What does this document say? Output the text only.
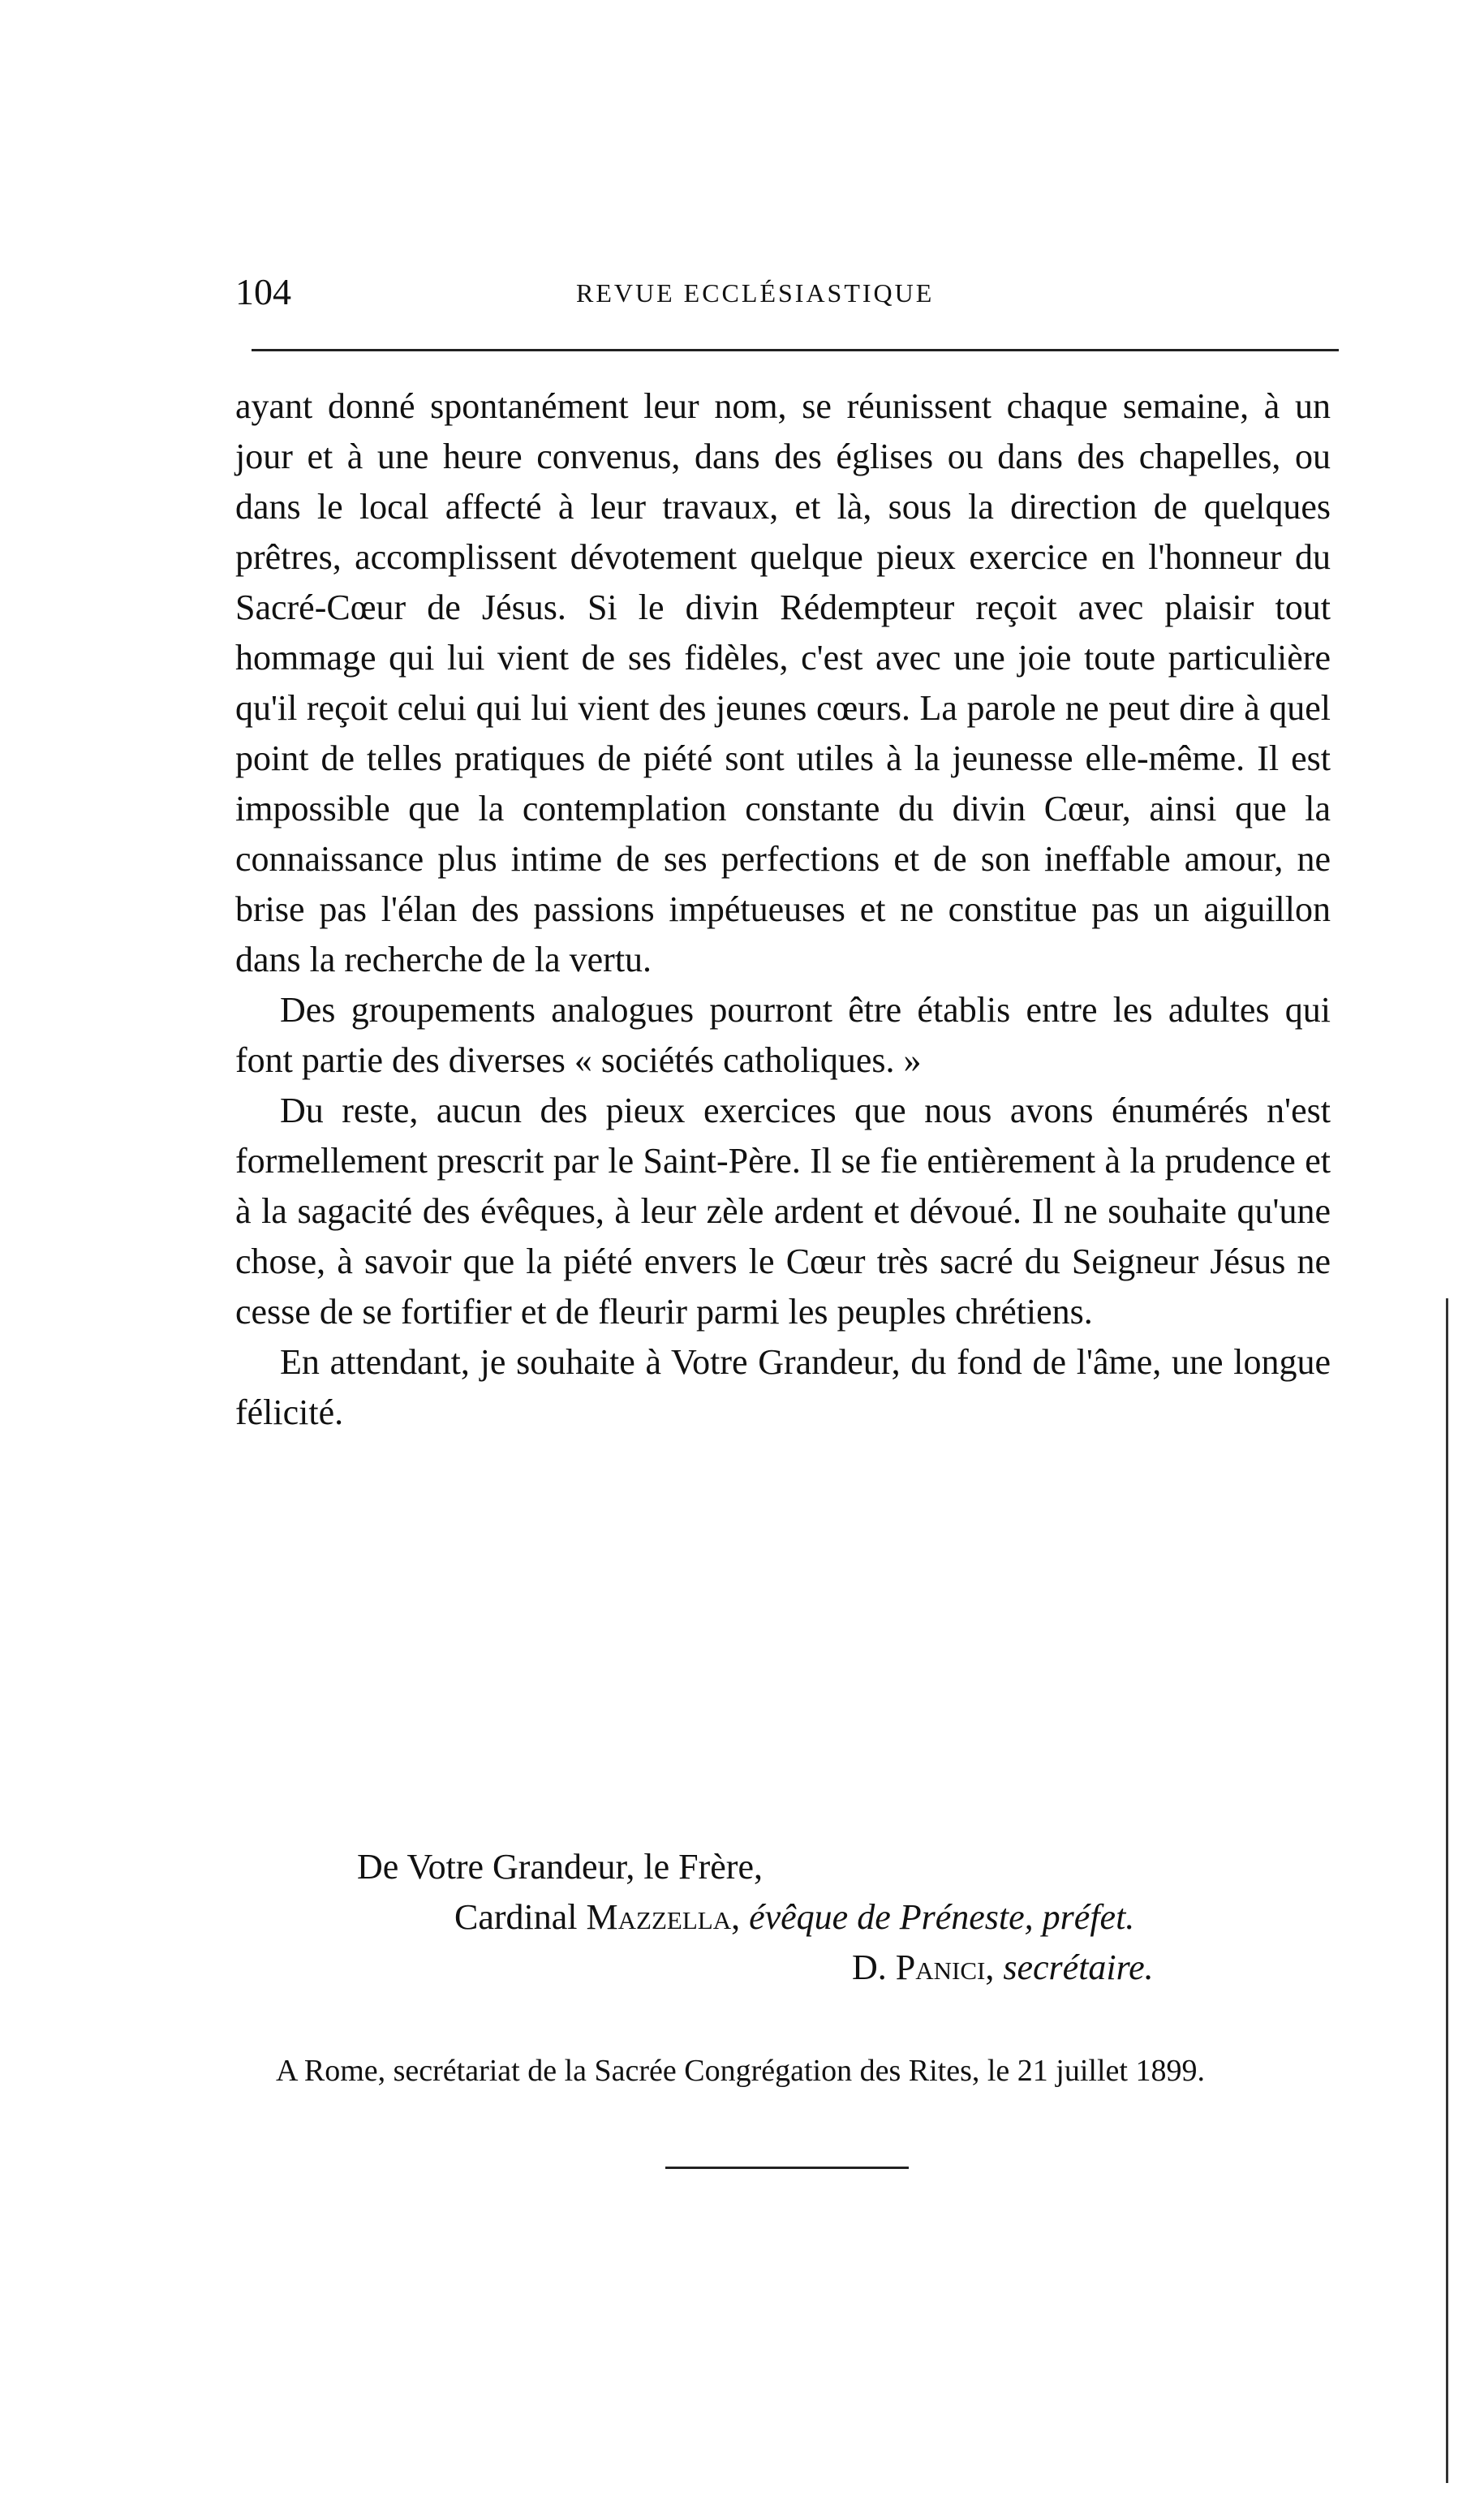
104	REVUE ECCLÉSIASTIQUE

ayant donné spontanément leur nom, se réunissent chaque semaine, à un jour et à une heure convenus, dans des églises ou dans des chapelles, ou dans le local affecté à leur travaux, et là, sous la direction de quelques prêtres, accomplissent dévotement quelque pieux exercice en l'honneur du Sacré-Cœur de Jésus. Si le divin Rédempteur reçoit avec plaisir tout hommage qui lui vient de ses fidèles, c'est avec une joie toute particulière qu'il reçoit celui qui lui vient des jeunes cœurs. La parole ne peut dire à quel point de telles pratiques de piété sont utiles à la jeunesse elle-même. Il est impossible que la contemplation constante du divin Cœur, ainsi que la connaissance plus intime de ses perfections et de son ineffable amour, ne brise pas l'élan des passions impétueuses et ne constitue pas un aiguillon dans la recherche de la vertu.

Des groupements analogues pourront être établis entre les adultes qui font partie des diverses « sociétés catholiques. »

Du reste, aucun des pieux exercices que nous avons énumérés n'est formellement prescrit par le Saint-Père. Il se fie entièrement à la prudence et à la sagacité des évêques, à leur zèle ardent et dévoué. Il ne souhaite qu'une chose, à savoir que la piété envers le Cœur très sacré du Seigneur Jésus ne cesse de se fortifier et de fleurir parmi les peuples chrétiens.

En attendant, je souhaite à Votre Grandeur, du fond de l'âme, une longue félicité.

De Votre Grandeur, le Frère,
Cardinal Mazzella, évêque de Préneste, préfet.
D. Panici, secrétaire.
A Rome, secrétariat de la Sacrée Congrégation des Rites, le 21 juillet 1899.
